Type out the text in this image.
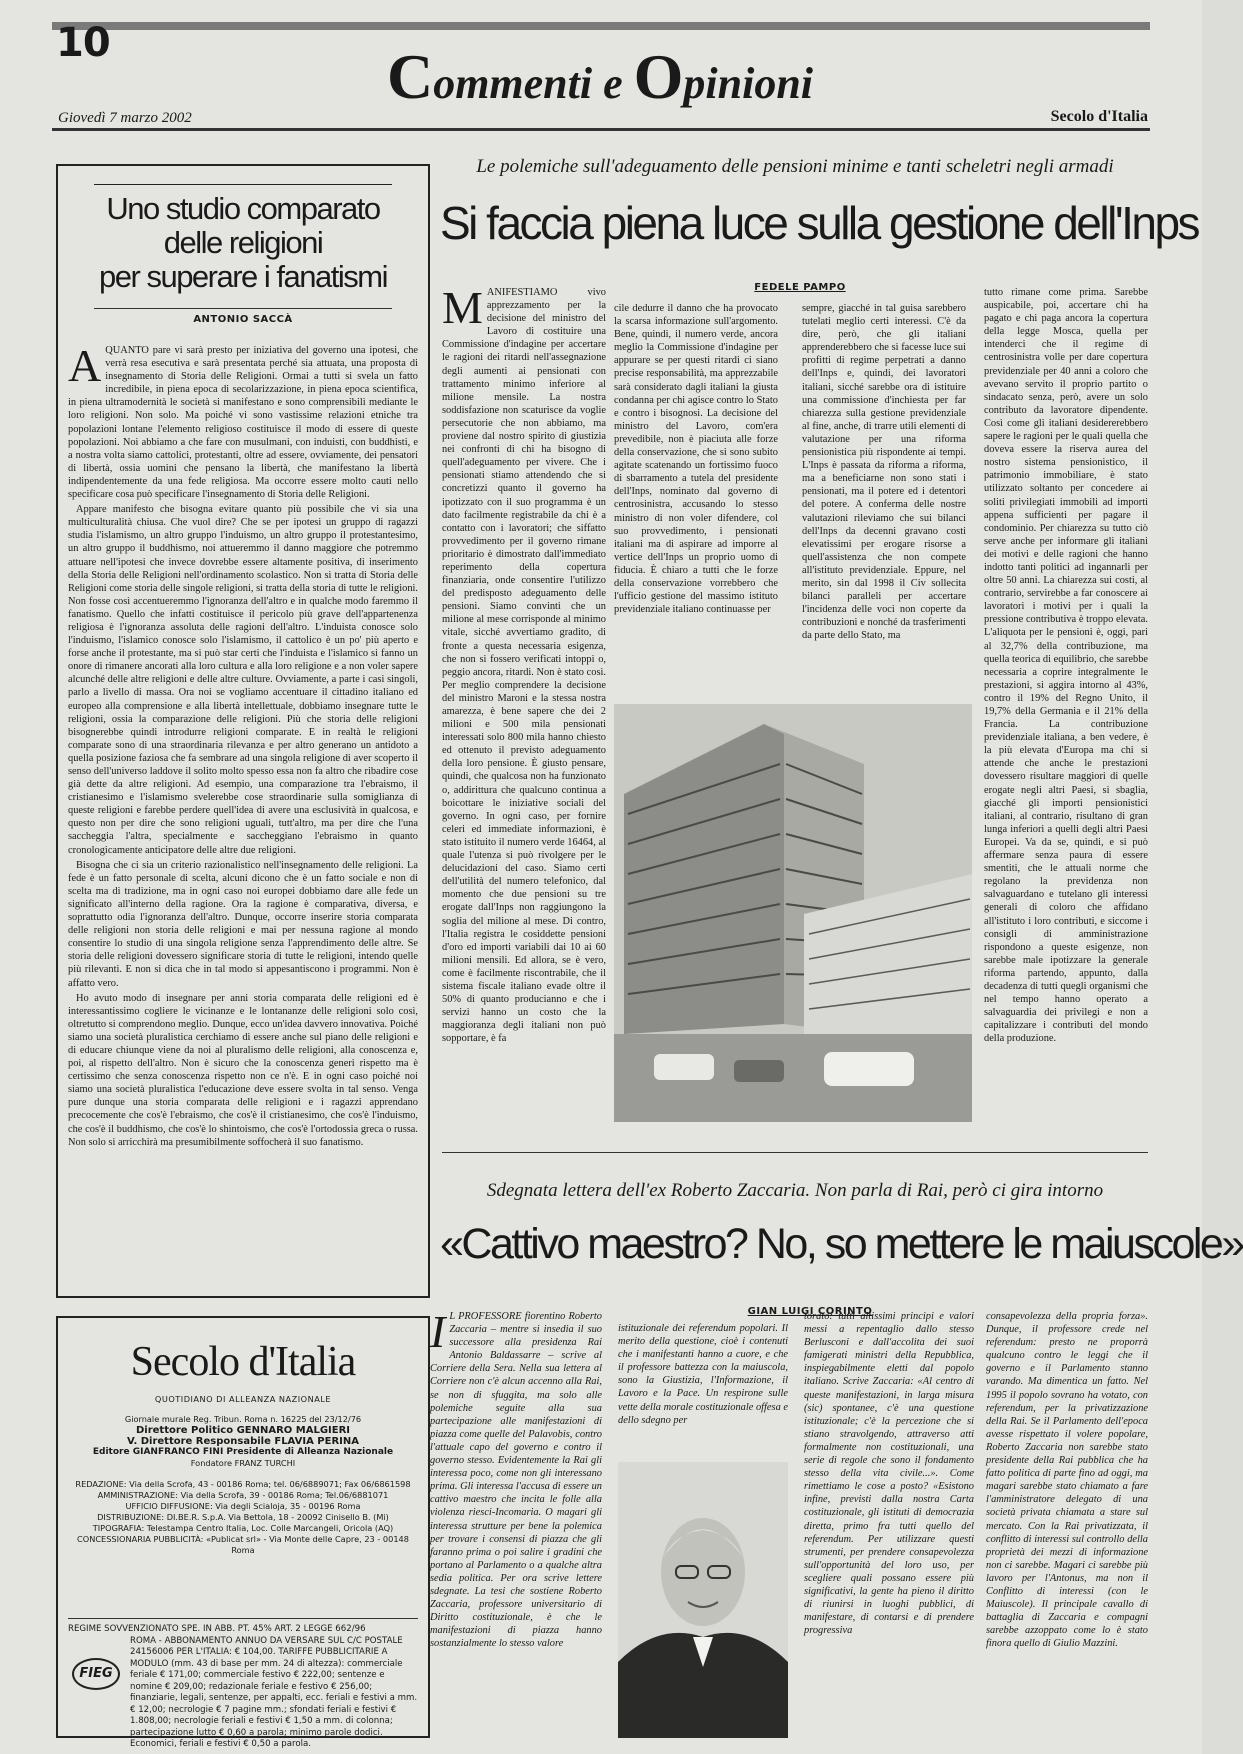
10	Commenti e Opinioni
Giovedì 7 marzo 2002	Secolo d'Italia
Uno studio comparato
delle religioni
per superare i fanatismi
ANTONIO SACCÀ
A QUANTO pare vi sarà presto per iniziativa del governo una ipotesi, che verrà resa esecutiva e sarà presentata perché sia attuata, una proposta di insegnamento di Storia delle Religioni. Ormai a tutti si svela un fatto incredibile, in piena epoca di secolarizzazione, in piena epoca scientifica, in piena ultramodernità le società si manifestano e sono comprensibili mediante le loro religioni. Non solo. Ma poiché vi sono vastissime relazioni etniche tra popolazioni lontane l'elemento religioso costituisce il modo di essere di queste popolazioni. Noi abbiamo a che fare con musulmani, con induisti, con buddhisti, e a nostra volta siamo cattolici, protestanti, oltre ad essere, ovviamente, dei pensatori di libertà, ossia uomini che pensano la libertà, che manifestano la libertà indipendentemente da una fede religiosa. Ma occorre essere molto cauti nello specificare cosa può specificare l'insegnamento di Storia delle Religioni.

Appare manifesto che bisogna evitare quanto più possibile che vi sia una multiculturalità chiusa. Che vuol dire? Che se per ipotesi un gruppo di ragazzi studia l'islamismo, un altro gruppo l'induismo, un altro gruppo il protestantesimo, un altro gruppo il buddhismo, noi attueremmo il danno maggiore che potremmo attuare nell'ipotesi che invece dovrebbe essere altamente positiva, di inserimento della Storia delle Religioni nell'ordinamento scolastico. Non si tratta di Storia delle Religioni come storia delle singole religioni, si tratta della storia di tutte le religioni. Non fosse così accentueremmo l'ignoranza dell'altro e in qualche modo faremmo il fanatismo. Quello che infatti costituisce il pericolo più grave dell'appartenenza religiosa è l'ignoranza assoluta delle ragioni dell'altro. L'induista conosce solo l'induismo, l'islamico conosce solo l'islamismo, il cattolico è un po' più aperto e forse anche il protestante, ma si può star certi che l'induista e l'islamico si fanno un onore di rimanere ancorati alla loro cultura e alla loro religione e a non voler sapere alcunché delle altre religioni e delle altre culture. Ovviamente, a parte i casi singoli, parlo a livello di massa. Ora noi se vogliamo accentuare il cittadino italiano ed europeo alla comprensione e alla libertà intellettuale, dobbiamo insegnare tutte le religioni, ossia la comparazione delle religioni. Più che storia delle religioni bisognerebbe quindi introdurre religioni comparate. E in realtà le religioni comparate sono di una straordinaria rilevanza e per altro generano un antidoto a quella posizione faziosa che fa sembrare ad una singola religione di aver scoperto il senso dell'universo laddove il solito molto spesso essa non fa altro che ribadire cose già dette da altre religioni. Ad esempio, una comparazione tra l'ebraismo, il cristianesimo e l'islamismo svelerebbe cose straordinarie sulla somiglianza di queste religioni e farebbe perdere quell'idea di avere una esclusività in qualcosa, e questo non per dire che sono religioni uguali, tutt'altro, ma per dire che l'una saccheggia l'altra, specialmente e saccheggiano l'ebraismo in quanto cronologicamente anticipatore delle altre due religioni.

Bisogna che ci sia un criterio razionalistico nell'insegnamento delle religioni. La fede è un fatto personale di scelta, alcuni dicono che è un fatto sociale e non di scelta ma di tradizione, ma in ogni caso noi europei dobbiamo dare alle fede un significato all'interno della ragione. Ora la ragione è comparativa, diversa, e soprattutto odia l'ignoranza dell'altro. Dunque, occorre inserire storia comparata delle religioni non storia delle religioni e mai per nessuna ragione al mondo consentire lo studio di una singola religione senza l'apprendimento delle altre. Se storia delle religioni dovessero significare storia di tutte le religioni, intendo quelle più rilevanti. E non si dica che in tal modo si appesantiscono i programmi. Non è affatto vero.

Ho avuto modo di insegnare per anni storia comparata delle religioni ed è interessantissimo cogliere le vicinanze e le lontananze delle religioni solo così, oltretutto si comprendono meglio. Dunque, ecco un'idea davvero innovativa. Poiché siamo una società pluralistica cerchiamo di essere anche sul piano delle religioni e di educare chiunque viene da noi al pluralismo delle religioni, alla conoscenza e, poi, al rispetto dell'altro. Non è sicuro che la conoscenza generi rispetto ma è certissimo che senza conoscenza rispetto non ce n'è. E in ogni caso poiché noi siamo una società pluralistica l'educazione deve essere svolta in tal senso. Venga pure dunque una storia comparata delle religioni e i ragazzi apprendano precocemente che cos'è l'ebraismo, che cos'è il cristianesimo, che cos'è l'induismo, che cos'è il buddhismo, che cos'è lo shintoismo, che cos'è l'ortodossia greca o russa. Non solo si arricchirà ma presumibilmente soffocherà il suo fanatismo.

Secolo d'Italia
QUOTIDIANO DI ALLEANZA NAZIONALE
Giornale murale Reg. Tribun. Roma n. 16225 del 23/12/76
Direttore Politico GENNARO MALGIERI
V. Direttore Responsabile FLAVIA PERINA
Editore GIANFRANCO FINI Presidente di Alleanza Nazionale
Fondatore FRANZ TURCHI
REDAZIONE: Via della Scrofa, 43 - 00186 Roma; tel. 06/6889071; Fax 06/6861598
AMMINISTRAZIONE: Via della Scrofa, 39 - 00186 Roma; Tel.06/6881071
UFFICIO DIFFUSIONE: Via degli Scialoja, 35 - 00196 Roma
DISTRIBUZIONE: DI.BE.R. S.p.A. Via Bettola, 18 - 20092 Cinisello B. (Mi)
TIPOGRAFIA: Telestampa Centro Italia, Loc. Colle Marcangeli, Oricola (AQ)
CONCESSIONARIA PUBBLICITÀ: «Publicat srl» - Via Monte delle Capre, 23 - 00148 Roma
REGIME SOVVENZIONATO SPE. IN ABB. PT. 45% ART. 2 LEGGE 662/96
ROMA - ABBONAMENTO ANNUO DA VERSARE SUL C/C POSTALE 24156006 PER L'ITALIA: € 104,00. TARIFFE PUBBLICITARIE A MODULO (mm. 43 di base per mm. 24 di altezza): commerciale feriale € 171,00; commerciale festivo € 222,00; sentenze e nomine € 209,00; redazionale feriale e festivo € 256,00; finanziarie, legali, sentenze, per appalti, ecc. feriali e festivi a mm. € 12,00; necrologie € 7 pagine mm.; sfondati feriali e festivi € 1.808,00; necrologie feriali e festivi € 1,50 a mm. di colonna; partecipazione lutto € 0,60 a parola; minimo parole dodici. Economici, feriali e festivi € 0,50 a parola.
FIEG
Le polemiche sull'adeguamento delle pensioni minime e tanti scheletri negli armadi
Si faccia piena luce sulla gestione dell'Inps
FEDELE PAMPO
M ANIFESTIAMO vivo apprezzamento per la decisione del ministro del Lavoro di costituire una Commissione d'indagine per accertare le ragioni dei ritardi nell'assegnazione degli aumenti ai pensionati con trattamento minimo inferiore al milione mensile. La nostra soddisfazione non scaturisce da voglie persecutorie che non abbiamo, ma proviene dal nostro spirito di giustizia nei confronti di chi ha bisogno di quell'adeguamento per vivere. Che i pensionati stiamo attendendo che si concretizzi quanto il governo ha ipotizzato con il suo programma è un dato facilmente registrabile da chi è a contatto con i lavoratori; che siffatto provvedimento per il governo rimane prioritario è dimostrato dall'immediato reperimento della copertura finanziaria, onde consentire l'utilizzo del predisposto adeguamento delle pensioni. Siamo convinti che un milione al mese corrisponde al minimo vitale, sicché avvertiamo gradito, di fronte a questa necessaria esigenza, che non si fossero verificati intoppi o, peggio ancora, ritardi. Non è stato così. Per meglio comprendere la decisione del ministro Maroni e la stessa nostra amarezza, è bene sapere che dei 2 milioni e 500 mila pensionati interessati solo 800 mila hanno chiesto ed ottenuto il previsto adeguamento della loro pensione. È giusto pensare, quindi, che qualcosa non ha funzionato o, addirittura che qualcuno continua a boicottare le iniziative sociali del governo. In ogni caso, per fornire celeri ed immediate informazioni, è stato istituito il numero verde 16464, al quale l'utenza si può rivolgere per le delucidazioni del caso. Siamo certi dell'utilità del numero telefonico, dal momento che due pensioni su tre erogate dall'Inps non raggiungono la soglia del milione al mese. Di contro, l'Italia registra le cosiddette pensioni d'oro ed importi variabili dai 10 ai 60 milioni mensili. Ed allora, se è vero, come è facilmente riscontrabile, che il sistema fiscale italiano evade oltre il 50% di quanto producianno e che i servizi hanno un costo che la maggioranza degli italiani non può sopportare, è fa
cile dedurre il danno che ha provocato la scarsa informazione sull'argomento. Bene, quindi, il numero verde, ancora meglio la Commissione d'indagine per appurare se per questi ritardi ci siano precise responsabilità, ma apprezzabile sarà considerato dagli italiani la giusta condanna per chi agisce contro lo Stato e contro i bisognosi. La decisione del ministro del Lavoro, com'era prevedibile, non è piaciuta alle forze della conservazione, che si sono subito agitate scatenando un fortissimo fuoco di sbarramento a tutela del presidente dell'Inps, nominato dal governo di centrosinistra, accusando lo stesso ministro di non voler difendere, col suo provvedimento, i pensionati italiani ma di aspirare ad imporre al vertice dell'Inps un proprio uomo di fiducia. È chiaro a tutti che le forze della conservazione vorrebbero che l'ufficio gestione del massimo istituto previdenziale italiano continuasse per
sempre, giacché in tal guisa sarebbero tutelati meglio certi interessi. C'è da dire, però, che gli italiani apprenderebbero che si facesse luce sui profitti di regime perpetrati a danno dell'Inps e, quindi, dei lavoratori italiani, sicché sarebbe ora di istituire una commissione d'inchiesta per far chiarezza sulla gestione previdenziale al fine, anche, di trarre utili elementi di valutazione per una riforma pensionistica più rispondente ai tempi. L'Inps è passata da riforma a riforma, ma a beneficiarne non sono stati i pensionati, ma il potere ed i detentori del potere. A conferma delle nostre valutazioni rileviamo che sui bilanci dell'Inps da decenni gravano costi elevatissimi per erogare risorse a quell'assistenza che non compete all'istituto previdenziale. Eppure, nel merito, sin dal 1998 il Civ sollecita bilanci paralleli per accertare l'incidenza delle voci non coperte da contribuzioni e nonché da trasferimenti da parte dello Stato, ma
tutto rimane come prima. Sarebbe auspicabile, poi, accertare chi ha pagato e chi paga ancora la copertura della legge Mosca, quella per intenderci che il regime di centrosinistra volle per dare copertura previdenziale per 40 anni a coloro che avevano servito il proprio partito o sindacato senza, però, avere un solo contributo da lavoratore dipendente. Così come gli italiani desidererebbero sapere le ragioni per le quali quella che doveva essere la riserva aurea del nostro sistema pensionistico, il patrimonio immobiliare, è stato utilizzato soltanto per concedere ai soliti privilegiati immobili ad importi appena sufficienti per pagare il condominio. Per chiarezza su tutto ciò serve anche per informare gli italiani dei motivi e delle ragioni che hanno indotto tanti politici ad ingannarli per oltre 50 anni. La chiarezza sui costi, al contrario, servirebbe a far conoscere ai lavoratori i motivi per i quali la pressione contributiva è troppo elevata. L'aliquota per le pensioni è, oggi, pari al 32,7% della contribuzione, ma quella teorica di equilibrio, che sarebbe necessaria a coprire integralmente le prestazioni, si aggira intorno al 43%, contro il 19% del Regno Unito, il 19,7% della Germania e il 21% della Francia. La contribuzione previdenziale italiana, a ben vedere, è la più elevata d'Europa ma chi si attende che anche le prestazioni dovessero risultare maggiori di quelle erogate negli altri Paesi, si sbaglia, giacché gli importi pensionistici italiani, al contrario, risultano di gran lunga inferiori a quelli degli altri Paesi Europei. Va da se, quindi, e si può affermare senza paura di essere smentiti, che le attuali norme che regolano la previdenza non salvaguardano e tutelano gli interessi generali di coloro che affidano all'istituto i loro contributi, e siccome i consigli di amministrazione rispondono a queste esigenze, non sarebbe male ipotizzare la generale riforma partendo, appunto, dalla decadenza di tutti quegli organismi che nel tempo hanno operato a salvaguardia dei privilegi e non a capitalizzare i contributi del mondo della produzione.
Sdegnata lettera dell'ex Roberto Zaccaria. Non parla di Rai, però ci gira intorno
«Cattivo maestro? No, so mettere le maiuscole»
GIAN LUIGI CORINTO
I L PROFESSORE fiorentino Roberto Zaccaria – mentre si insedia il suo successore alla presidenza Rai Antonio Baldassarre – scrive al Corriere della Sera. Nella sua lettera al Corriere non c'è alcun accenno alla Rai, se non di sfuggita, ma solo alle polemiche seguite alla sua partecipazione alle manifestazioni di piazza come quelle del Palavobis, contro l'attuale capo del governo e contro il governo stesso. Evidentemente la Rai gli interessa poco, come non gli interessano prima. Gli interessa l'accusa di essere un cattivo maestro che incita le folle alla violenza riesci-Incomaria. O magari gli interessa strutture per bene la polemica per trovare i consensi di piazza che gli faranno prima o poi salire i gradini che portano al Parlamento o a qualche altra sedia politica. Per ora scrive lettere sdegnate. La tesi che sostiene Roberto Zaccaria, professore universitario di Diritto costituzionale, è che le manifestazioni di piazza hanno sostanzialmente lo stesso valore
istituzionale dei referendum popolari. Il merito della questione, cioè i contenuti che i manifestanti hanno a cuore, e che il professore battezza con la maiuscola, sono la Giustizia, l'Informazione, il Lavoro e la Pace. Un respirone sulle vette della morale costituzionale offesa e dello sdegno per
torato: tutti altissimi principi e valori messi a repentaglio dallo stesso Berlusconi e dall'accolita dei suoi famigerati ministri della Repubblica, inspiegabilmente eletti dal popolo italiano. Scrive Zaccaria: «Al centro di queste manifestazioni, in larga misura (sic) spontanee, c'è una questione istituzionale; c'è la percezione che si stiano stravolgendo, attraverso atti formalmente non costituzionali, una serie di regole che sono il fondamento stesso della vita civile...». Come rimettiamo le cose a posto? «Esistono infine, previsti dalla nostra Carta costituzionale, gli istituti di democrazia diretta, primo fra tutti quello del referendum. Per utilizzare questi strumenti, per prendere consapevolezza sull'opportunità del loro uso, per scegliere quali possano essere più significativi, la gente ha pieno il diritto di riunirsi in luoghi pubblici, di manifestare, di contarsi e di prendere progressiva
consapevolezza della propria forza». Dunque, il professore crede nel referendum: presto ne proporrà qualcuno contro le leggi che il governo e il Parlamento stanno varando. Ma dimentica un fatto. Nel 1995 il popolo sovrano ha votato, con referendum, per la privatizzazione della Rai. Se il Parlamento dell'epoca avesse rispettato il volere popolare, Roberto Zaccaria non sarebbe stato presidente della Rai pubblica che ha fatto politica di parte fino ad oggi, ma magari sarebbe stato chiamato a fare l'amministratore delegato di una società privata chiamata a stare sul mercato. Con la Rai privatizzata, il conflitto di interessi sul controllo della proprietà dei mezzi di informazione non ci sarebbe. Magari ci sarebbe più lavoro per l'Antonus, ma non il Conflitto di interessi (con le Maiuscole). Il principale cavallo di battaglia di Zaccaria e compagni sarebbe azzoppato come lo è stato finora quello di Giulio Mazzini.
